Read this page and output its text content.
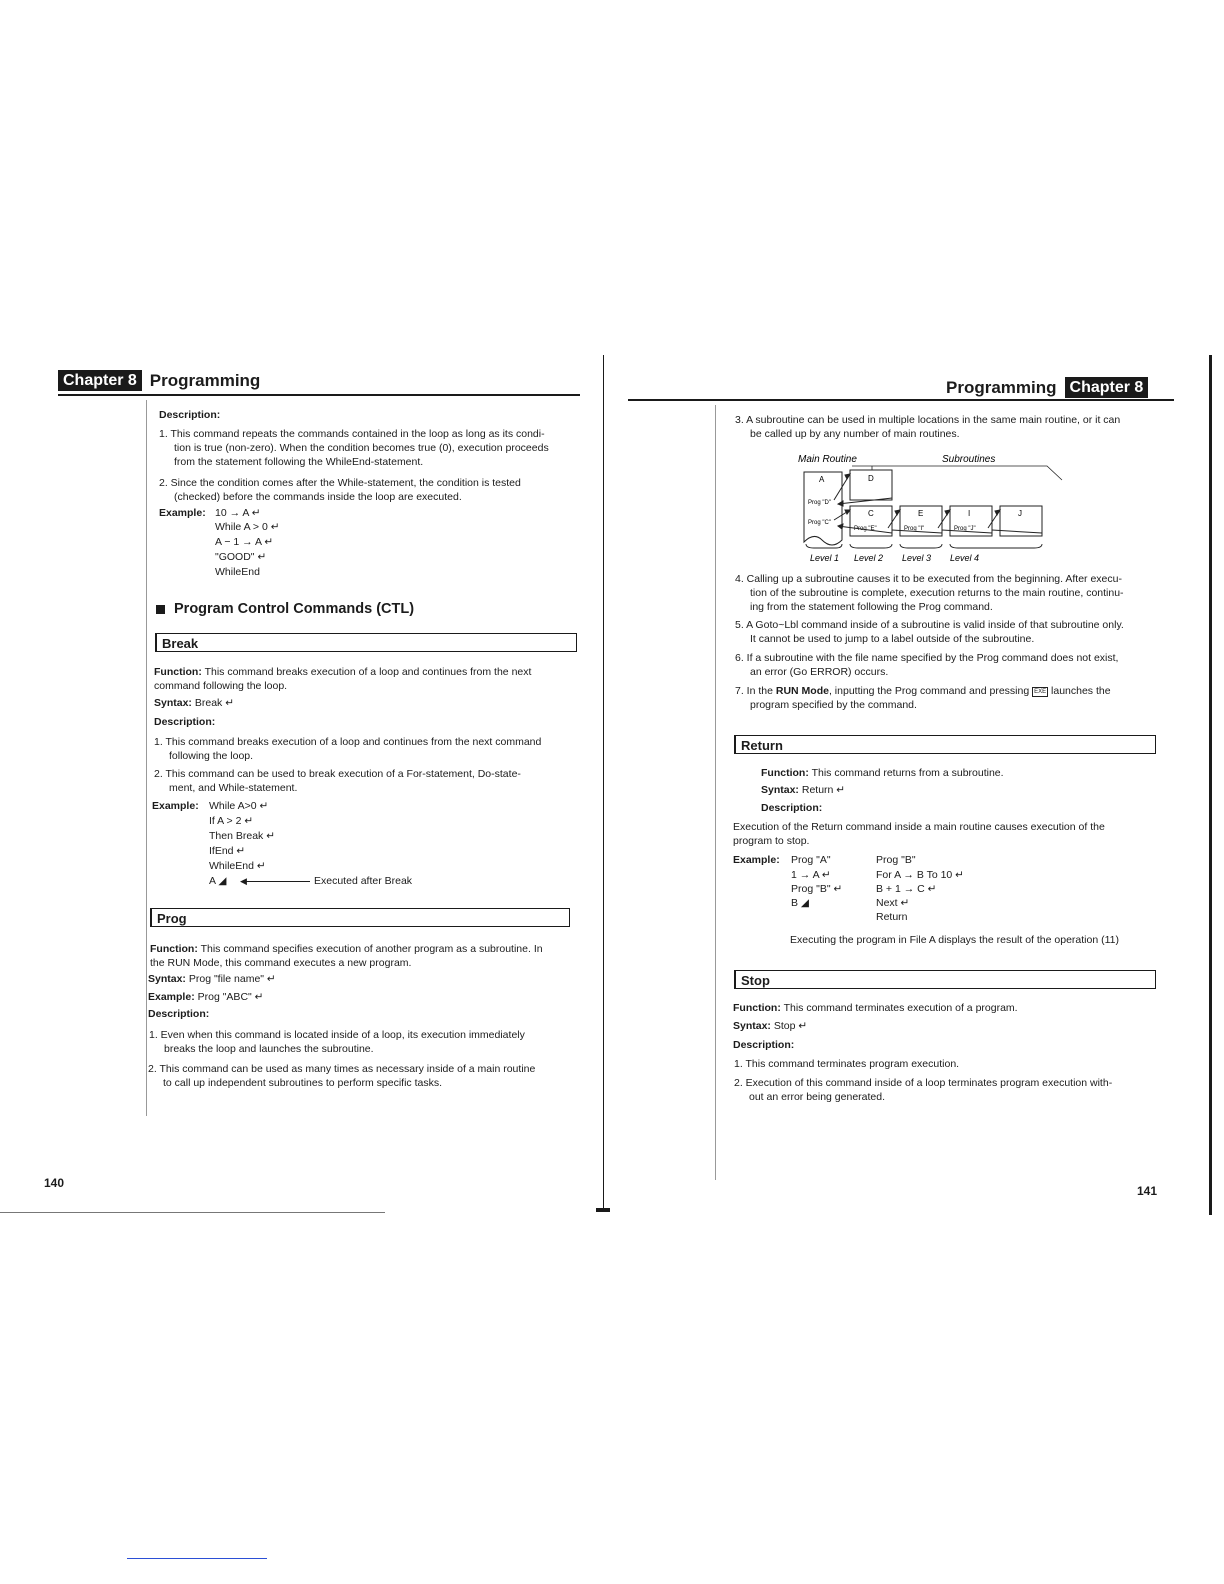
Chapter 8 Programming
Description:
1. This command repeats the commands contained in the loop as long as its condi-
tion is true (non-zero). When the condition becomes true (0), execution proceeds
from the statement following the WhileEnd-statement.
2. Since the condition comes after the While-statement, the condition is tested
(checked) before the commands inside the loop are executed.
Example: 10 → A ↵
While A > 0 ↵
A − 1 → A ↵
"GOOD" ↵
WhileEnd
Program Control Commands (CTL)
Break
Function: This command breaks execution of a loop and continues from the next
command following the loop.
Syntax: Break ↵
Description:
1. This command breaks execution of a loop and continues from the next command
following the loop.
2. This command can be used to break execution of a For-statement, Do-state-
ment, and While-statement.
Example: While A>0 ↵
If A > 2 ↵
Then Break ↵
IfEnd ↵
WhileEnd ↵
A ◢ ◀	Executed after Break
Prog
Function: This command specifies execution of another program as a subroutine. In
the RUN Mode, this command executes a new program.
Syntax: Prog "file name" ↵
Example: Prog "ABC" ↵
Description:
1. Even when this command is located inside of a loop, its execution immediately
breaks the loop and launches the subroutine.
2. This command can be used as many times as necessary inside of a main routine
to call up independent subroutines to perform specific tasks.
140
Programming Chapter 8
3. A subroutine can be used in multiple locations in the same main routine, or it can
be called up by any number of main routines.
Main Routine	Subroutines
A
Prog "D"
Prog "C"
D
C
Prog "E"
E
Prog "I"
I
Prog "J"
J
Level 1 Level 2 Level 3 Level 4
4. Calling up a subroutine causes it to be executed from the beginning. After execu-
tion of the subroutine is complete, execution returns to the main routine, continu-
ing from the statement following the Prog command.
5. A Goto~Lbl command inside of a subroutine is valid inside of that subroutine only.
It cannot be used to jump to a label outside of the subroutine.
6. If a subroutine with the file name specified by the Prog command does not exist,
an error (Go ERROR) occurs.
7. In the RUN Mode, inputting the Prog command and pressing EXE launches the
program specified by the command.
Return
Function: This command returns from a subroutine.
Syntax: Return ↵
Description:
Execution of the Return command inside a main routine causes execution of the
program to stop.
Example: Prog "A"
1 → A ↵
Prog "B" ↵
B ◢
Prog "B"
For A → B To 10 ↵
B + 1 → C ↵
Next ↵
Return
Executing the program in File A displays the result of the operation (11)
Stop
Function: This command terminates execution of a program.
Syntax: Stop ↵
Description:
1. This command terminates program execution.
2. Execution of this command inside of a loop terminates program execution with-
out an error being generated.
141
